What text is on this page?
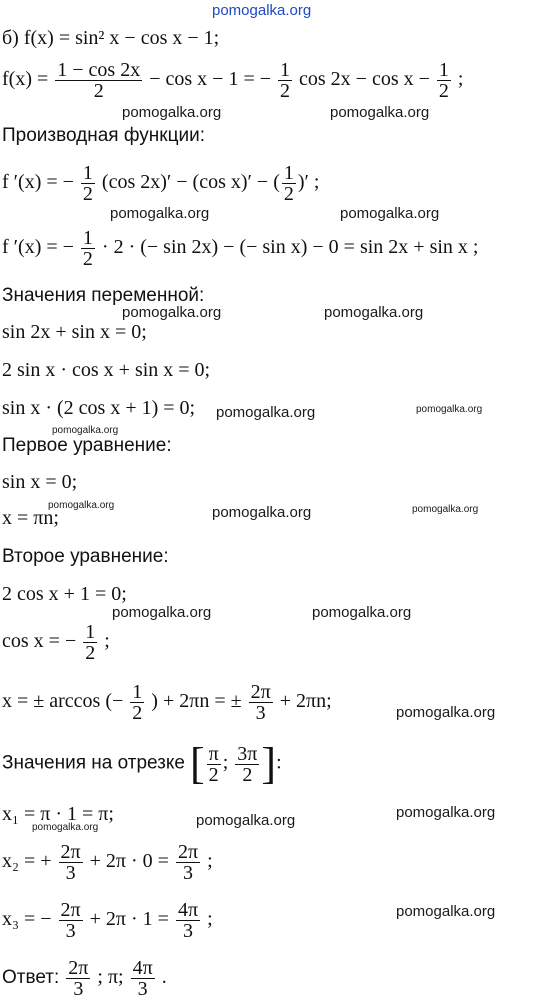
pomogalka.org
pomogalka.org	pomogalka.org
pomogalka.org	pomogalka.org
pomogalka.org	pomogalka.org
pomogalka.org	pomogalka.org
pomogalka.org
pomogalka.org	pomogalka.org	pomogalka.org
pomogalka.org	pomogalka.org
pomogalka.org
pomogalka.org	pomogalka.org
pomogalka.org
pomogalka.org
б) f(x) = sin² x − cos x − 1;
$f(x) = \frac{1 - \cos 2x}{2} - \cos x - 1$ = − $\frac{1}{2}$ $\cos 2x - \cos x - \frac{1}{2}$ ;
Производная функции:
f ′(x) = − $\frac{1}{2} (\cos$ 2x)′ − (cos x)′ − ( $\frac{1}{2}$ )′ ;
f ′(x) = − $\frac{1}{2} \cdot 2$ · (− sin 2x) − (− sin x) − 0 = sin 2x + sin x ;
Значения переменной:
sin 2x + sin x = 0;
2 sin x · cos x + sin x = 0;
sin x · (2 cos x + 1) = 0;
Первое уравнение:
sin x = 0;
x = πn;
Второе уравнение:
2 cos x + 1 = 0;
cos x = − $\frac{1}{2}$ ;
x = ± arccos (− $\frac{1}{2}$ ) + 2πn = ± $\frac{2\pi}{3} + 2\pi n$;
Значения на отрезке [ $\frac{\pi}{2}$ ; $\frac{3\pi}{2}$ ]:
x₁ = π · 1 = π;
x₂ = + $\frac{2\pi}{3} + 2\pi \cdot 0 = \frac{2\pi}{3}$ ;
x₃ = − $\frac{2\pi}{3} + 2\pi \cdot 1 = \frac{4\pi}{3}$ ;
Ответ: $\frac{2\pi}{3}$ ; π; $\frac{4\pi}{3}$ .
